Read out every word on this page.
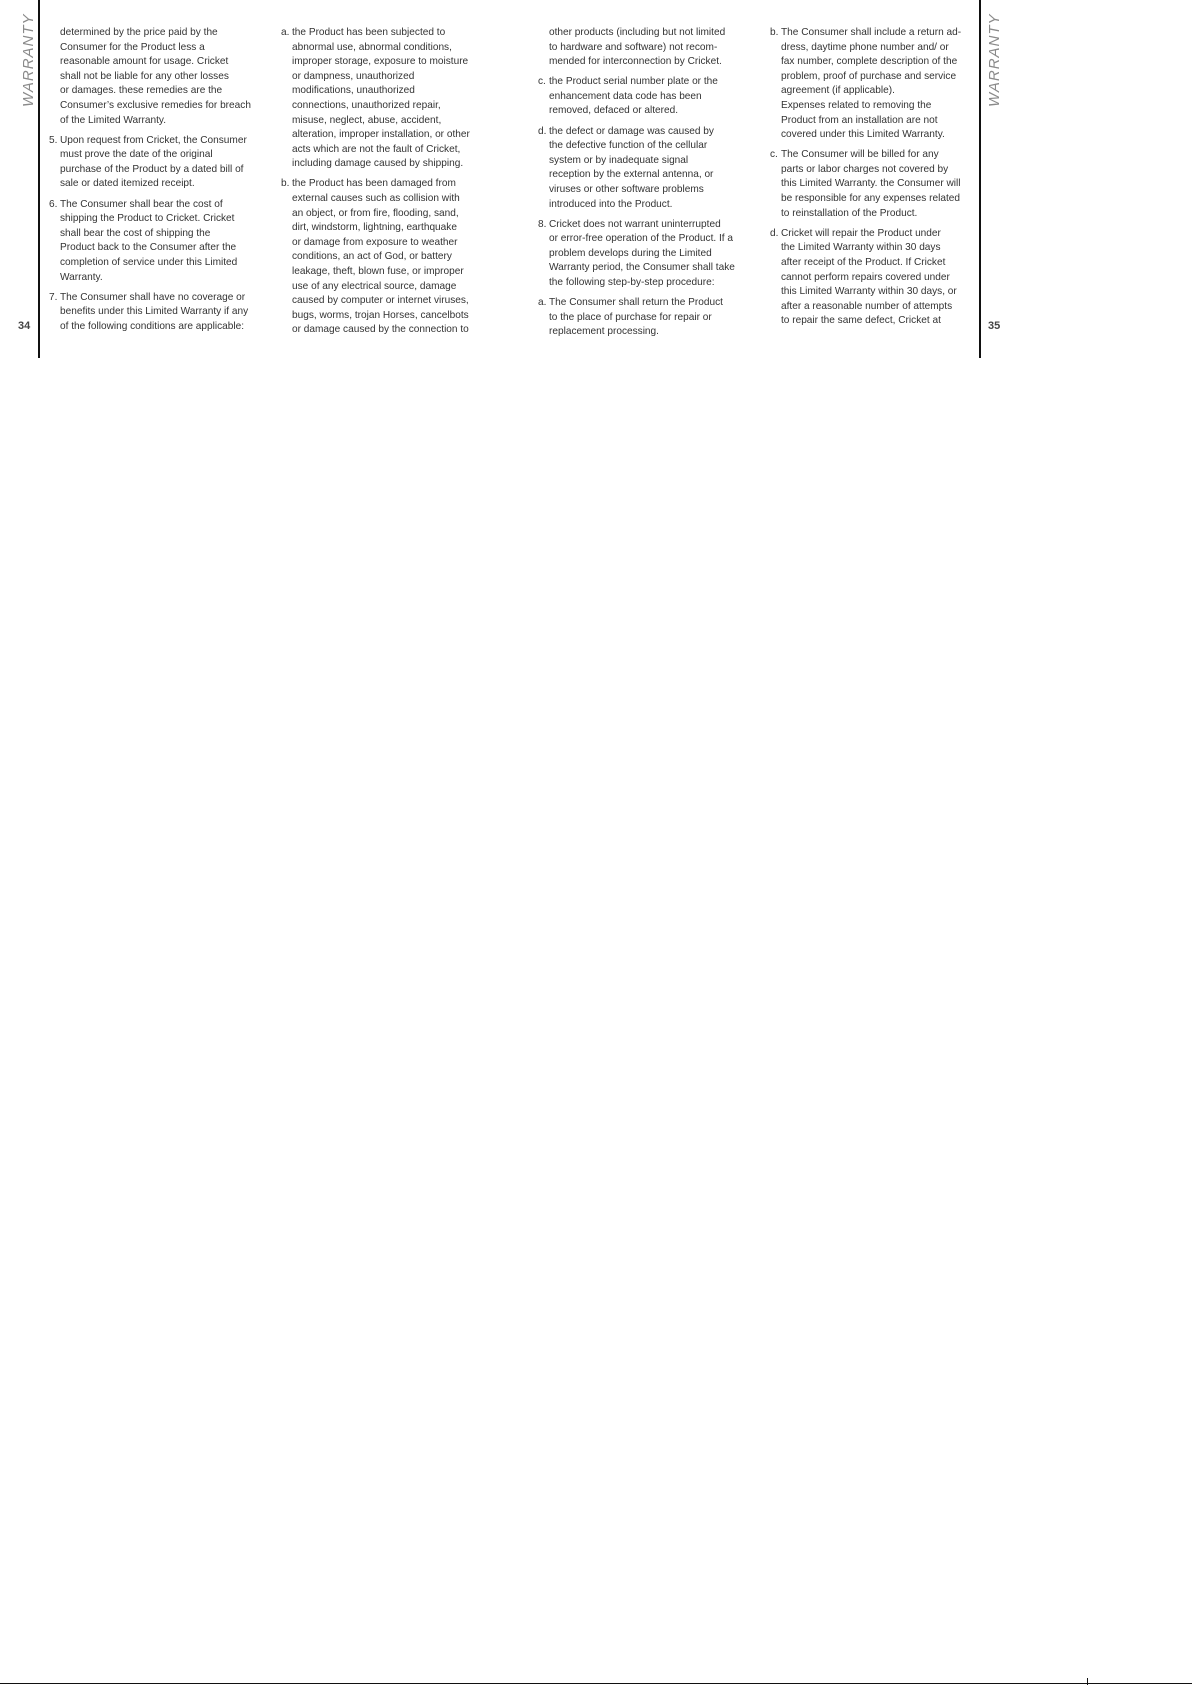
WARRANTY	WARRANTY
34	35
determined by the price paid by the
Consumer for the Product less a
reasonable amount for usage. Cricket
shall not be liable for any other losses
or damages. these remedies are the
Consumer’s exclusive remedies for breach
of the Limited Warranty.
5. Upon request from Cricket, the Consumer
must prove the date of the original
purchase of the Product by a dated bill of
sale or dated itemized receipt.
6. The Consumer shall bear the cost of
shipping the Product to Cricket. Cricket
shall bear the cost of shipping the
Product back to the Consumer after the
completion of service under this Limited
Warranty.
7. The Consumer shall have no coverage or
benefits under this Limited Warranty if any
of the following conditions are applicable:
a. the Product has been subjected to
abnormal use, abnormal conditions,
improper storage, exposure to moisture
or dampness, unauthorized
modifications, unauthorized
connections, unauthorized repair,
misuse, neglect, abuse, accident,
alteration, improper installation, or other
acts which are not the fault of Cricket,
including damage caused by shipping.
b. the Product has been damaged from
external causes such as collision with
an object, or from fire, flooding, sand,
dirt, windstorm, lightning, earthquake
or damage from exposure to weather
conditions, an act of God, or battery
leakage, theft, blown fuse, or improper
use of any electrical source, damage
caused by computer or internet viruses,
bugs, worms, trojan Horses, cancelbots
or damage caused by the connection to
other products (including but not limited
to hardware and software) not recom-
mended for interconnection by Cricket.
c. the Product serial number plate or the
enhancement data code has been
removed, defaced or altered.
d. the defect or damage was caused by
the defective function of the cellular
system or by inadequate signal
reception by the external antenna, or
viruses or other software problems
introduced into the Product.
8. Cricket does not warrant uninterrupted
or error-free operation of the Product. If a
problem develops during the Limited
Warranty period, the Consumer shall take
the following step-by-step procedure:
a. The Consumer shall return the Product
to the place of purchase for repair or
replacement processing.
b. The Consumer shall include a return ad-
dress, daytime phone number and/ or
fax number, complete description of the
problem, proof of purchase and service
agreement (if applicable).
Expenses related to removing the
Product from an installation are not
covered under this Limited Warranty.
c. The Consumer will be billed for any
parts or labor charges not covered by
this Limited Warranty. the Consumer will
be responsible for any expenses related
to reinstallation of the Product.
d. Cricket will repair the Product under
the Limited Warranty within 30 days
after receipt of the Product. If Cricket
cannot perform repairs covered under
this Limited Warranty within 30 days, or
after a reasonable number of attempts
to repair the same defect, Cricket at
